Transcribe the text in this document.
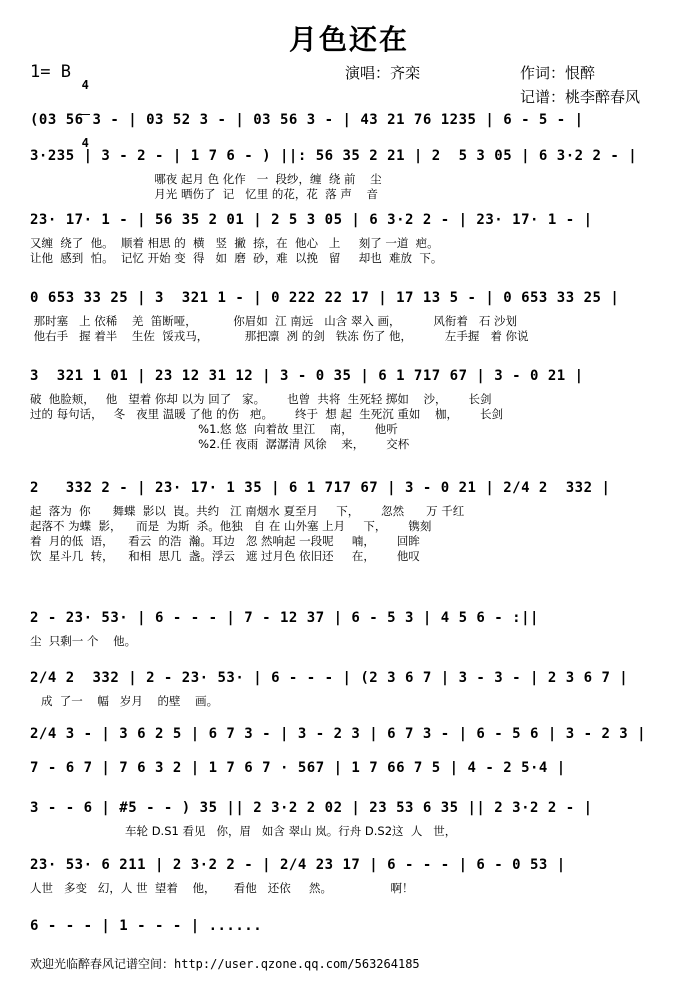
月色还在
1= B

4

4

演唱：齐栾	作词：恨醉
记谱：桃李醉春风
(03 56 3 - | 03 52 3 - | 03 56 3 - | 43 21 76 1235 | 6 - 5 - |
3·235 | 3 - 2 - | 1 7 6 - ) ||: 56 35 2 21 | 2  5 3 05 | 6 3·2 2 - |
哪夜 起月 色 化作   一  段纱，缠  绕 前    尘
月光 晒伤了  记   忆里 的花，花  落 声    音
23· 17· 1 - | 56 35 2 01 | 2 5 3 05 | 6 3·2 2 - | 23· 17· 1 - |
又缠  绕了  他。  顺着 相思 的  横   竖  撇  捺，在  他心   上     刻了 一道  疤。
让他  感到  怕。  记忆 开始 变  得   如  磨  砂，难  以挽   留     却也  难放  下。
0 653 33 25 | 3  321 1 - | 0 222 22 17 | 17 13 5 - | 0 653 33 25 |
那时塞   上 依稀    羌  笛断哑，          你眉如  江 南远   山含 翠入 画，         风衔着   石 沙划
他右手   握 着半    生佐  馁戎马，          那把凛  冽 的剑   铁冻 伤了 他，         左手握   着 你说
3  321 1 01 | 23 12 31 12 | 3 - 0 35 | 6 1 717 67 | 3 - 0 21 |
破  他脸颊，   他   望着 你却 以为 回了   家。      也曾  共将  生死轻 掷如    沙，      长剑
过的 每句话，   冬   夜里 温暖 了他 的伤   疤。      终于  想 起  生死沉 重如    枷，      长剑
%1.悠 悠  向着故 里江    南，      他听
%2.任 夜雨  潺潺清 风徐    来，      交杯
2   332 2 - | 23· 17· 1 35 | 6 1 717 67 | 3 - 0 21 | 2/4 2  332 |
起  落为  你      舞蝶  影以  崀。共约   江 南烟水 夏至月     下，      忽然      万 千红
起落不 为蝶  影，    而是  为斯  杀。他独   自 在 山外塞 上月     下，      镌刻
着  月的低  语，    看云  的浩  瀚。耳边   忽 然响起 一段呢     喃，      回眸
饮  星斗几  转，    和相  思几  盏。浮云   遮 过月色 依旧还     在，      他叹
2 - 23· 53· | 6 - - - | 7 - 12 37 | 6 - 5 3 | 4 5 6 - :||
尘  只剩一 个    他。
2/4 2  332 | 2 - 23· 53· | 6 - - - | (2 3 6 7 | 3 - 3 - | 2 3 6 7 |
成  了一    幅   岁月    的壁    画。
2/4 3 - | 3 6 2 5 | 6 7 3 - | 3 - 2 3 | 6 7 3 - | 6 - 5 6 | 3 - 2 3 |
7 - 6 7 | 7 6 3 2 | 1 7 6 7 · 567 | 1 7 66 7 5 | 4 - 2 5·4 |
3 - - 6 | #5 - - ) 35 || 2 3·2 2 02 | 23 53 6 35 || 2 3·2 2 - |
车轮 D.S1 看见   你，眉   如含 翠山 岚。行舟 D.S2这  人   世，
23· 53· 6 211 | 2 3·2 2 - | 2/4 23 17 | 6 - - - | 6 - 0 53 |
人世   多变   幻，人 世  望着    他，     看他   还依     然。                啊！
6 - - - | 1 - - - | ......
欢迎光临醉春风记谱空间：http://user.qzone.qq.com/563264185
